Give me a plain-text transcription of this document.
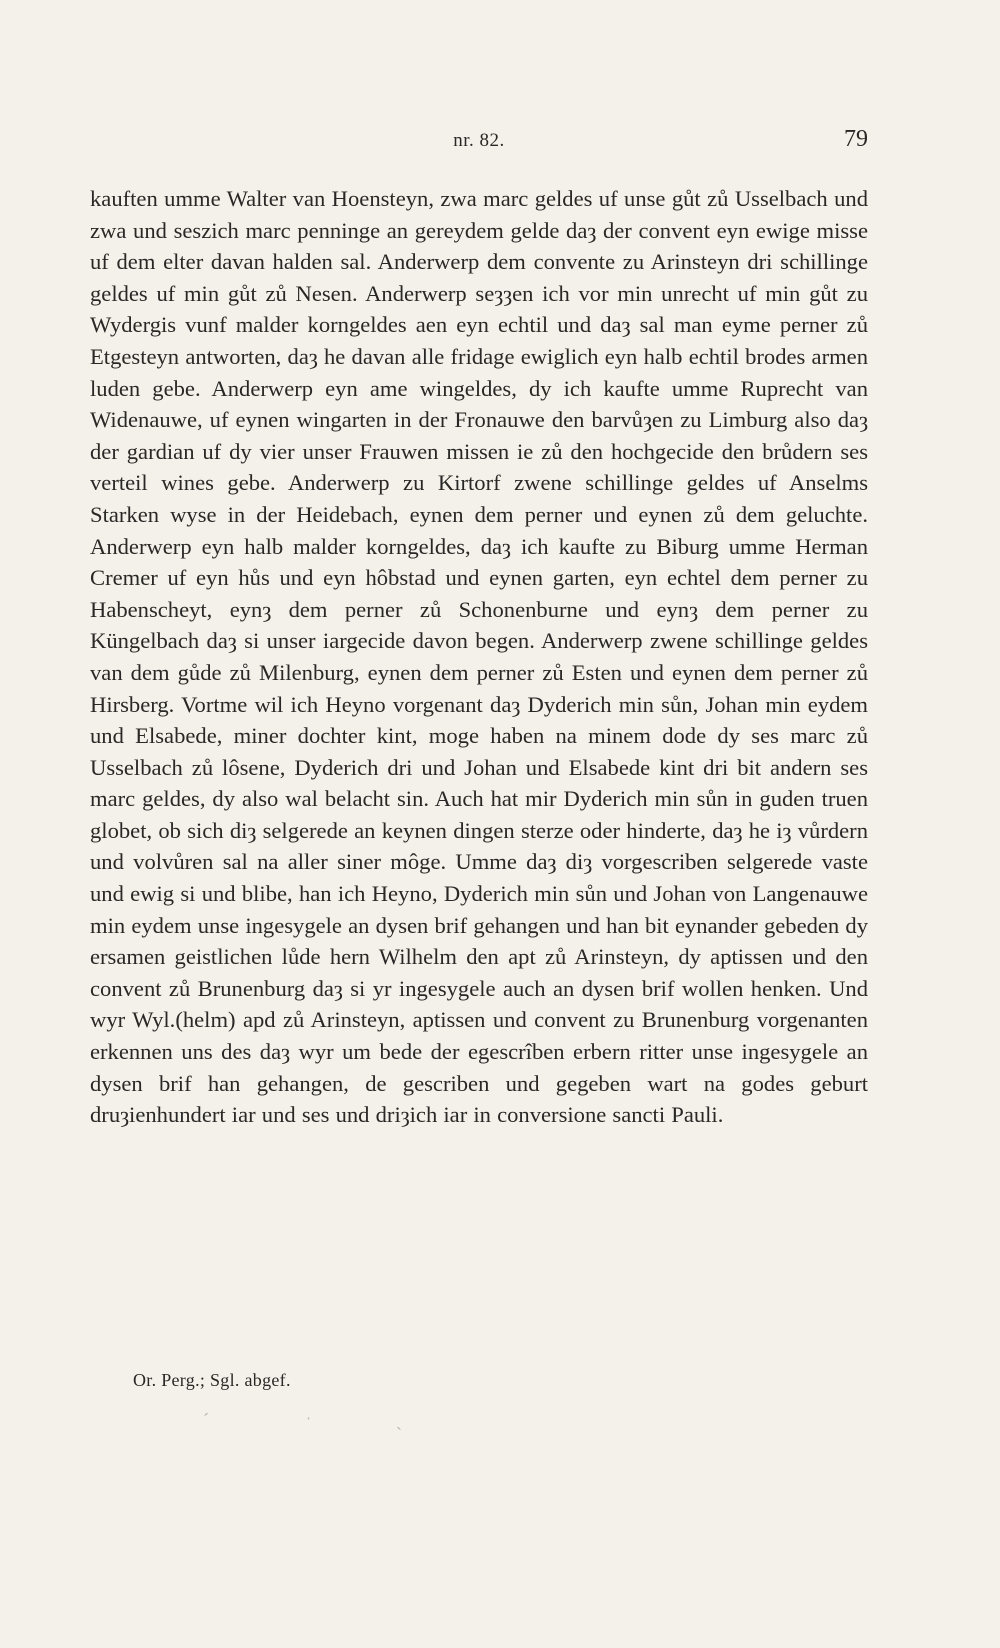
nr. 82.	79
kauften umme Walter van Hoensteyn, zwa marc geldes uf unse gůt zů Usselbach und zwa und seszich marc penninge an gereydem gelde daȝ der convent eyn ewige misse uf dem elter davan halden sal. Anderwerp dem convente zu Arinsteyn dri schillinge geldes uf min gůt zů Nesen. Anderwerp seȝȝen ich vor min unrecht uf min gůt zu Wydergis vunf malder korngeldes aen eyn echtil und daȝ sal man eyme perner zů Etgesteyn antworten, daȝ he davan alle fridage ewiglich eyn halb echtil brodes armen luden gebe. Anderwerp eyn ame wingeldes, dy ich kaufte umme Ruprecht van Widenauwe, uf eynen wingarten in der Fronauwe den barvůȝen zu Limburg also daȝ der gardian uf dy vier unser Frauwen missen ie zů den hochgecide den brůdern ses verteil wines gebe. Anderwerp zu Kirtorf zwene schillinge geldes uf Anselms Starken wyse in der Heidebach, eynen dem perner und eynen zů dem geluchte. Anderwerp eyn halb malder korngeldes, daȝ ich kaufte zu Biburg umme Herman Cremer uf eyn hůs und eyn hôbstad und eynen garten, eyn echtel dem perner zu Habenscheyt, eynȝ dem perner zů Schonenburne und eynȝ dem perner zu Küngelbach daȝ si unser iargecide davon begen. Anderwerp zwene schillinge geldes van dem gůde zů Milenburg, eynen dem perner zů Esten und eynen dem perner zů Hirsberg. Vortme wil ich Heyno vorgenant daȝ Dyderich min sůn, Johan min eydem und Elsabede, miner dochter kint, moge haben na minem dode dy ses marc zů Usselbach zů lôsene, Dyderich dri und Johan und Elsabede kint dri bit andern ses marc geldes, dy also wal belacht sin. Auch hat mir Dyderich min sůn in guden truen globet, ob sich diȝ selgerede an keynen dingen sterze oder hinderte, daȝ he iȝ vůrdern und volvůren sal na aller siner môge. Umme daȝ diȝ vorgescriben selgerede vaste und ewig si und blibe, han ich Heyno, Dyderich min sůn und Johan von Langenauwe min eydem unse ingesygele an dysen brif gehangen und han bit eynander gebeden dy ersamen geistlichen lůde hern Wilhelm den apt zů Arinsteyn, dy aptissen und den convent zů Brunenburg daȝ si yr ingesygele auch an dysen brif wollen henken. Und wyr Wyl.(helm) apd zů Arinsteyn, aptissen und convent zu Brunenburg vorgenanten erkennen uns des daȝ wyr um bede der egescrîben erbern ritter unse ingesygele an dysen brif han gehangen, de gescriben und gegeben wart na godes geburt druȝienhundert iar und ses und driȝich iar in conversione sancti Pauli.
Or. Perg.; Sgl. abgef.
ˊ	ˑ	ˏ
